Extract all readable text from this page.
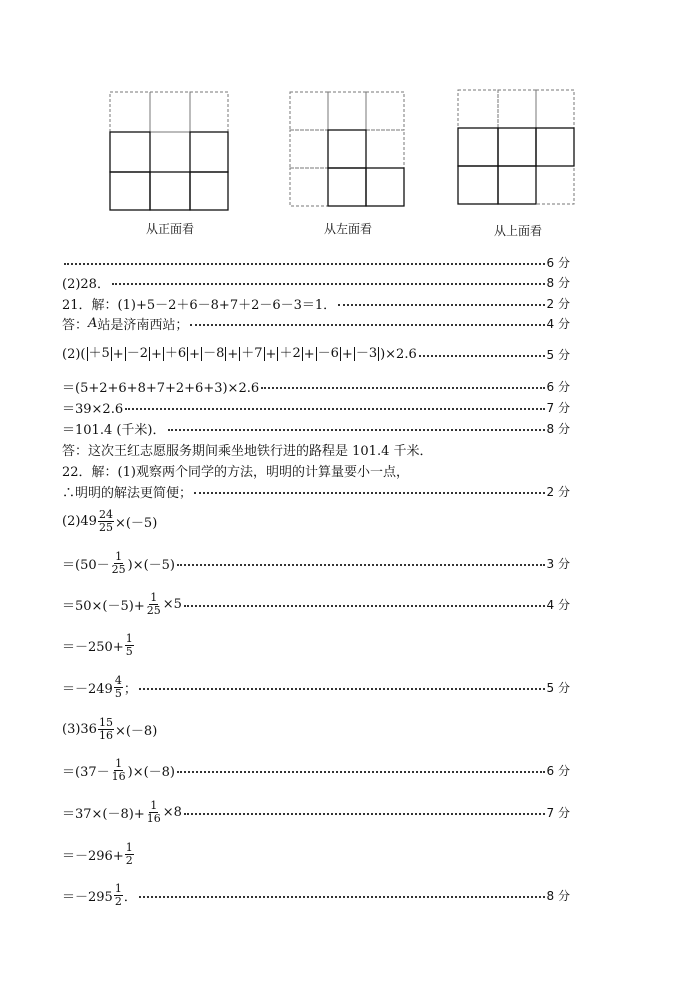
从正面看	从左面看	从上面看
6 分
(2)28．	8 分
21．解：(1)+5－2＋6－8+7＋2－6－3＝1．	2 分
答： A 站是济南西站；	4 分
(2)( ＋5 + －2 + ＋6 + －8 + ＋7 + ＋2 + －6 + －3 )×2.6	5 分
＝(5+2+6+8+7+2+6+3)×2.6	6 分
＝39×2.6	7 分
＝101.4 (千米)．	8 分
答：这次王红志愿服务期间乘坐地铁行进的路程是 101.4 千米．
22．解：(1)观察两个同学的方法，明明的计算量要小一点，
∴明明的解法更简便；	2 分
$(2)49 \frac{24}{25} \times(-5)$
$=(50- \frac{1}{25} )\times(-5)$	3 分
$=50\times(-5)+ \frac{1}{25} \times 5$	4 分
$=-250+ \frac{1}{5}$
$=-249 \frac{4}{5}$ ；	5 分
$(3)36 \frac{15}{16} \times(-8)$
$=(37- \frac{1}{16} )\times(-8)$	6 分
$=37\times(-8)+ \frac{1}{16} \times 8$	7 分
$=-296+ \frac{1}{2}$
$=-295 \frac{1}{2}$ ．	8 分
